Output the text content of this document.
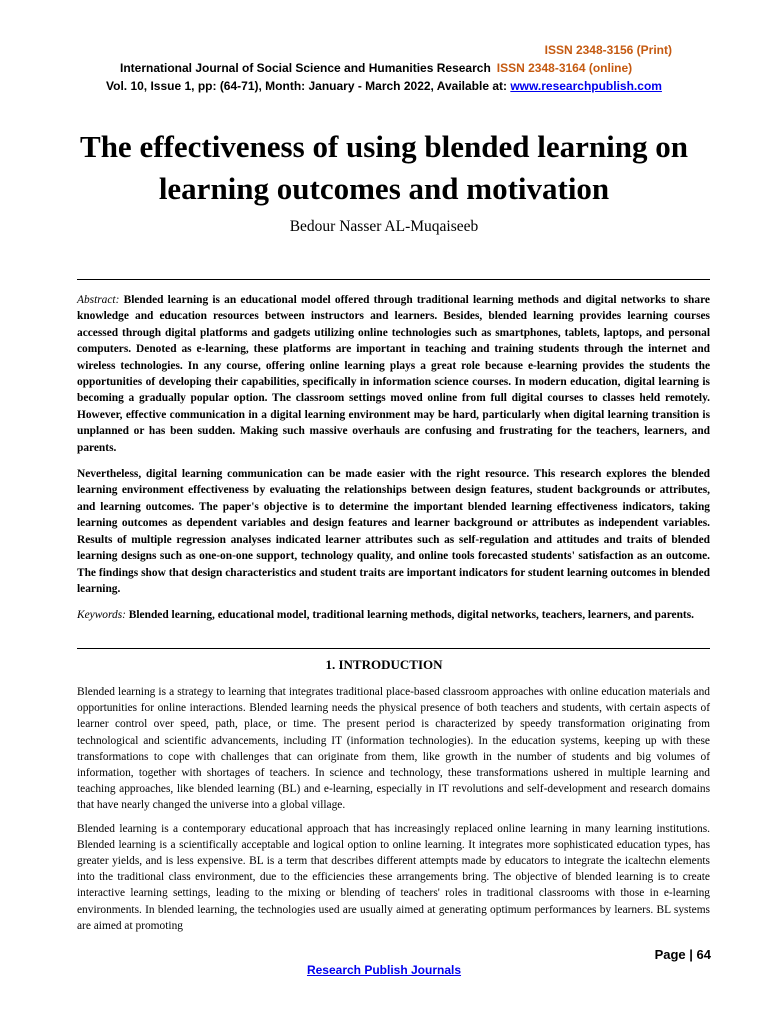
ISSN 2348-3156 (Print)
International Journal of Social Science and Humanities Research ISSN 2348-3164 (online)
Vol. 10, Issue 1, pp: (64-71), Month: January - March 2022, Available at: www.researchpublish.com
The effectiveness of using blended learning on learning outcomes and motivation
Bedour Nasser AL-Muqaiseeb

Abstract: Blended learning is an educational model offered through traditional learning methods and digital networks to share knowledge and education resources between instructors and learners. Besides, blended learning provides learning courses accessed through digital platforms and gadgets utilizing online technologies such as smartphones, tablets, laptops, and personal computers. Denoted as e-learning, these platforms are important in teaching and training students through the internet and wireless technologies. In any course, offering online learning plays a great role because e-learning provides the students the opportunities of developing their capabilities, specifically in information science courses. In modern education, digital learning is becoming a gradually popular option. The classroom settings moved online from full digital courses to classes held remotely. However, effective communication in a digital learning environment may be hard, particularly when digital learning transition is unplanned or has been sudden. Making such massive overhauls are confusing and frustrating for the teachers, learners, and parents.

Nevertheless, digital learning communication can be made easier with the right resource. This research explores the blended learning environment effectiveness by evaluating the relationships between design features, student backgrounds or attributes, and learning outcomes. The paper's objective is to determine the important blended learning effectiveness indicators, taking learning outcomes as dependent variables and design features and learner background or attributes as independent variables. Results of multiple regression analyses indicated learner attributes such as self-regulation and attitudes and traits of blended learning designs such as one-on-one support, technology quality, and online tools forecasted students' satisfaction as an outcome. The findings show that design characteristics and student traits are important indicators for student learning outcomes in blended learning.

Keywords: Blended learning, educational model, traditional learning methods, digital networks, teachers, learners, and parents.

1. INTRODUCTION

Blended learning is a strategy to learning that integrates traditional place-based classroom approaches with online education materials and opportunities for online interactions. Blended learning needs the physical presence of both teachers and students, with certain aspects of learner control over speed, path, place, or time. The present period is characterized by speedy transformation originating from technological and scientific advancements, including IT (information technologies). In the education systems, keeping up with these transformations to cope with challenges that can originate from them, like growth in the number of students and big volumes of information, together with shortages of teachers. In science and technology, these transformations ushered in multiple learning and teaching approaches, like blended learning (BL) and e-learning, especially in IT revolutions and self-development and research domains that have nearly changed the universe into a global village.

Blended learning is a contemporary educational approach that has increasingly replaced online learning in many learning institutions. Blended learning is a scientifically acceptable and logical option to online learning. It integrates more sophisticated education types, has greater yields, and is less expensive. BL is a term that describes different attempts made by educators to integrate the icaltechn elements into the traditional class environment, due to the efficiencies these arrangements bring. The objective of blended learning is to create interactive learning settings, leading to the mixing or blending of teachers' roles in traditional classrooms with those in e-learning environments. In blended learning, the technologies used are usually aimed at generating optimum performances by learners. BL systems are aimed at promoting

Page | 64
Research Publish Journals
